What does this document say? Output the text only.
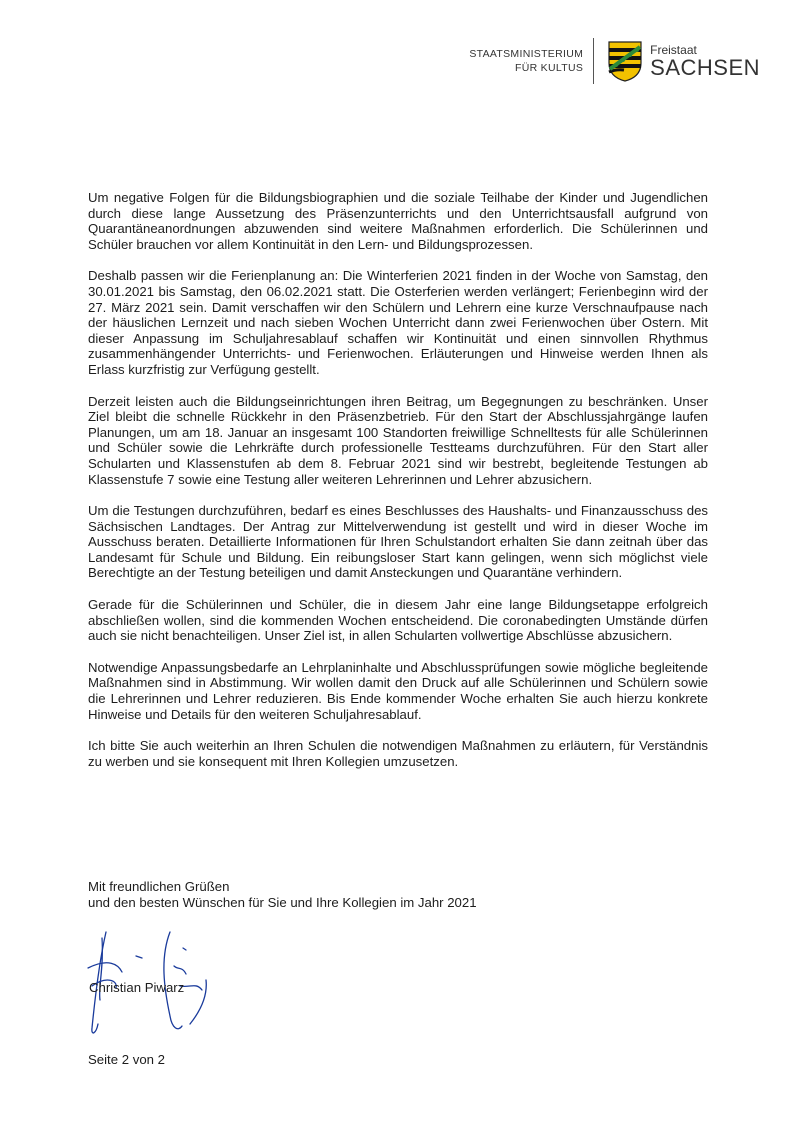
STAATSMINISTERIUM
FÜR KULTUS
Freistaat
SACHSEN

Um negative Folgen für die Bildungsbiographien und die soziale Teilhabe der Kinder und Jugendlichen durch diese lange Aussetzung des Präsenzunterrichts und den Unterrichtsausfall aufgrund von Quarantäneanordnungen abzuwenden sind weitere Maßnahmen erforderlich. Die Schülerinnen und Schüler brauchen vor allem Kontinuität in den Lern- und Bildungsprozessen.

Deshalb passen wir die Ferienplanung an: Die Winterferien 2021 finden in der Woche von Samstag, den 30.01.2021 bis Samstag, den 06.02.2021 statt. Die Osterferien werden verlängert; Ferienbeginn wird der 27. März 2021 sein. Damit verschaffen wir den Schülern und Lehrern eine kurze Verschnaufpause nach der häuslichen Lernzeit und nach sieben Wochen Unterricht dann zwei Ferienwochen über Ostern. Mit dieser Anpassung im Schuljahresablauf schaffen wir Kontinuität und einen sinnvollen Rhythmus zusammenhängender Unterrichts- und Ferienwochen. Erläuterungen und Hinweise werden Ihnen als Erlass kurzfristig zur Verfügung gestellt.

Derzeit leisten auch die Bildungseinrichtungen ihren Beitrag, um Begegnungen zu beschränken. Unser Ziel bleibt die schnelle Rückkehr in den Präsenzbetrieb. Für den Start der Abschlussjahrgänge laufen Planungen, um am 18. Januar an insgesamt 100 Standorten freiwillige Schnelltests für alle Schülerinnen und Schüler sowie die Lehrkräfte durch professionelle Testteams durchzuführen. Für den Start aller Schularten und Klassenstufen ab dem 8. Februar 2021 sind wir bestrebt, begleitende Testungen ab Klassenstufe 7 sowie eine Testung aller weiteren Lehrerinnen und Lehrer abzusichern.

Um die Testungen durchzuführen, bedarf es eines Beschlusses des Haushalts- und Finanzausschuss des Sächsischen Landtages. Der Antrag zur Mittelverwendung ist gestellt und wird in dieser Woche im Ausschuss beraten. Detaillierte Informationen für Ihren Schulstandort erhalten Sie dann zeitnah über das Landesamt für Schule und Bildung. Ein reibungsloser Start kann gelingen, wenn sich möglichst viele Berechtigte an der Testung beteiligen und damit Ansteckungen und Quarantäne verhindern.

Gerade für die Schülerinnen und Schüler, die in diesem Jahr eine lange Bildungsetappe erfolgreich abschließen wollen, sind die kommenden Wochen entscheidend. Die coronabedingten Umstände dürfen auch sie nicht benachteiligen. Unser Ziel ist, in allen Schularten vollwertige Abschlüsse abzusichern.

Notwendige Anpassungsbedarfe an Lehrplaninhalte und Abschlussprüfungen sowie mögliche begleitende Maßnahmen sind in Abstimmung. Wir wollen damit den Druck auf alle Schülerinnen und Schülern sowie die Lehrerinnen und Lehrer reduzieren. Bis Ende kommender Woche erhalten Sie auch hierzu konkrete Hinweise und Details für den weiteren Schuljahresablauf.

Ich bitte Sie auch weiterhin an Ihren Schulen die notwendigen Maßnahmen zu erläutern, für Verständnis zu werben und sie konsequent mit Ihren Kollegien umzusetzen.

Mit freundlichen Grüßen
und den besten Wünschen für Sie und Ihre Kollegien im Jahr 2021
Christian Piwarz
Seite 2 von 2
